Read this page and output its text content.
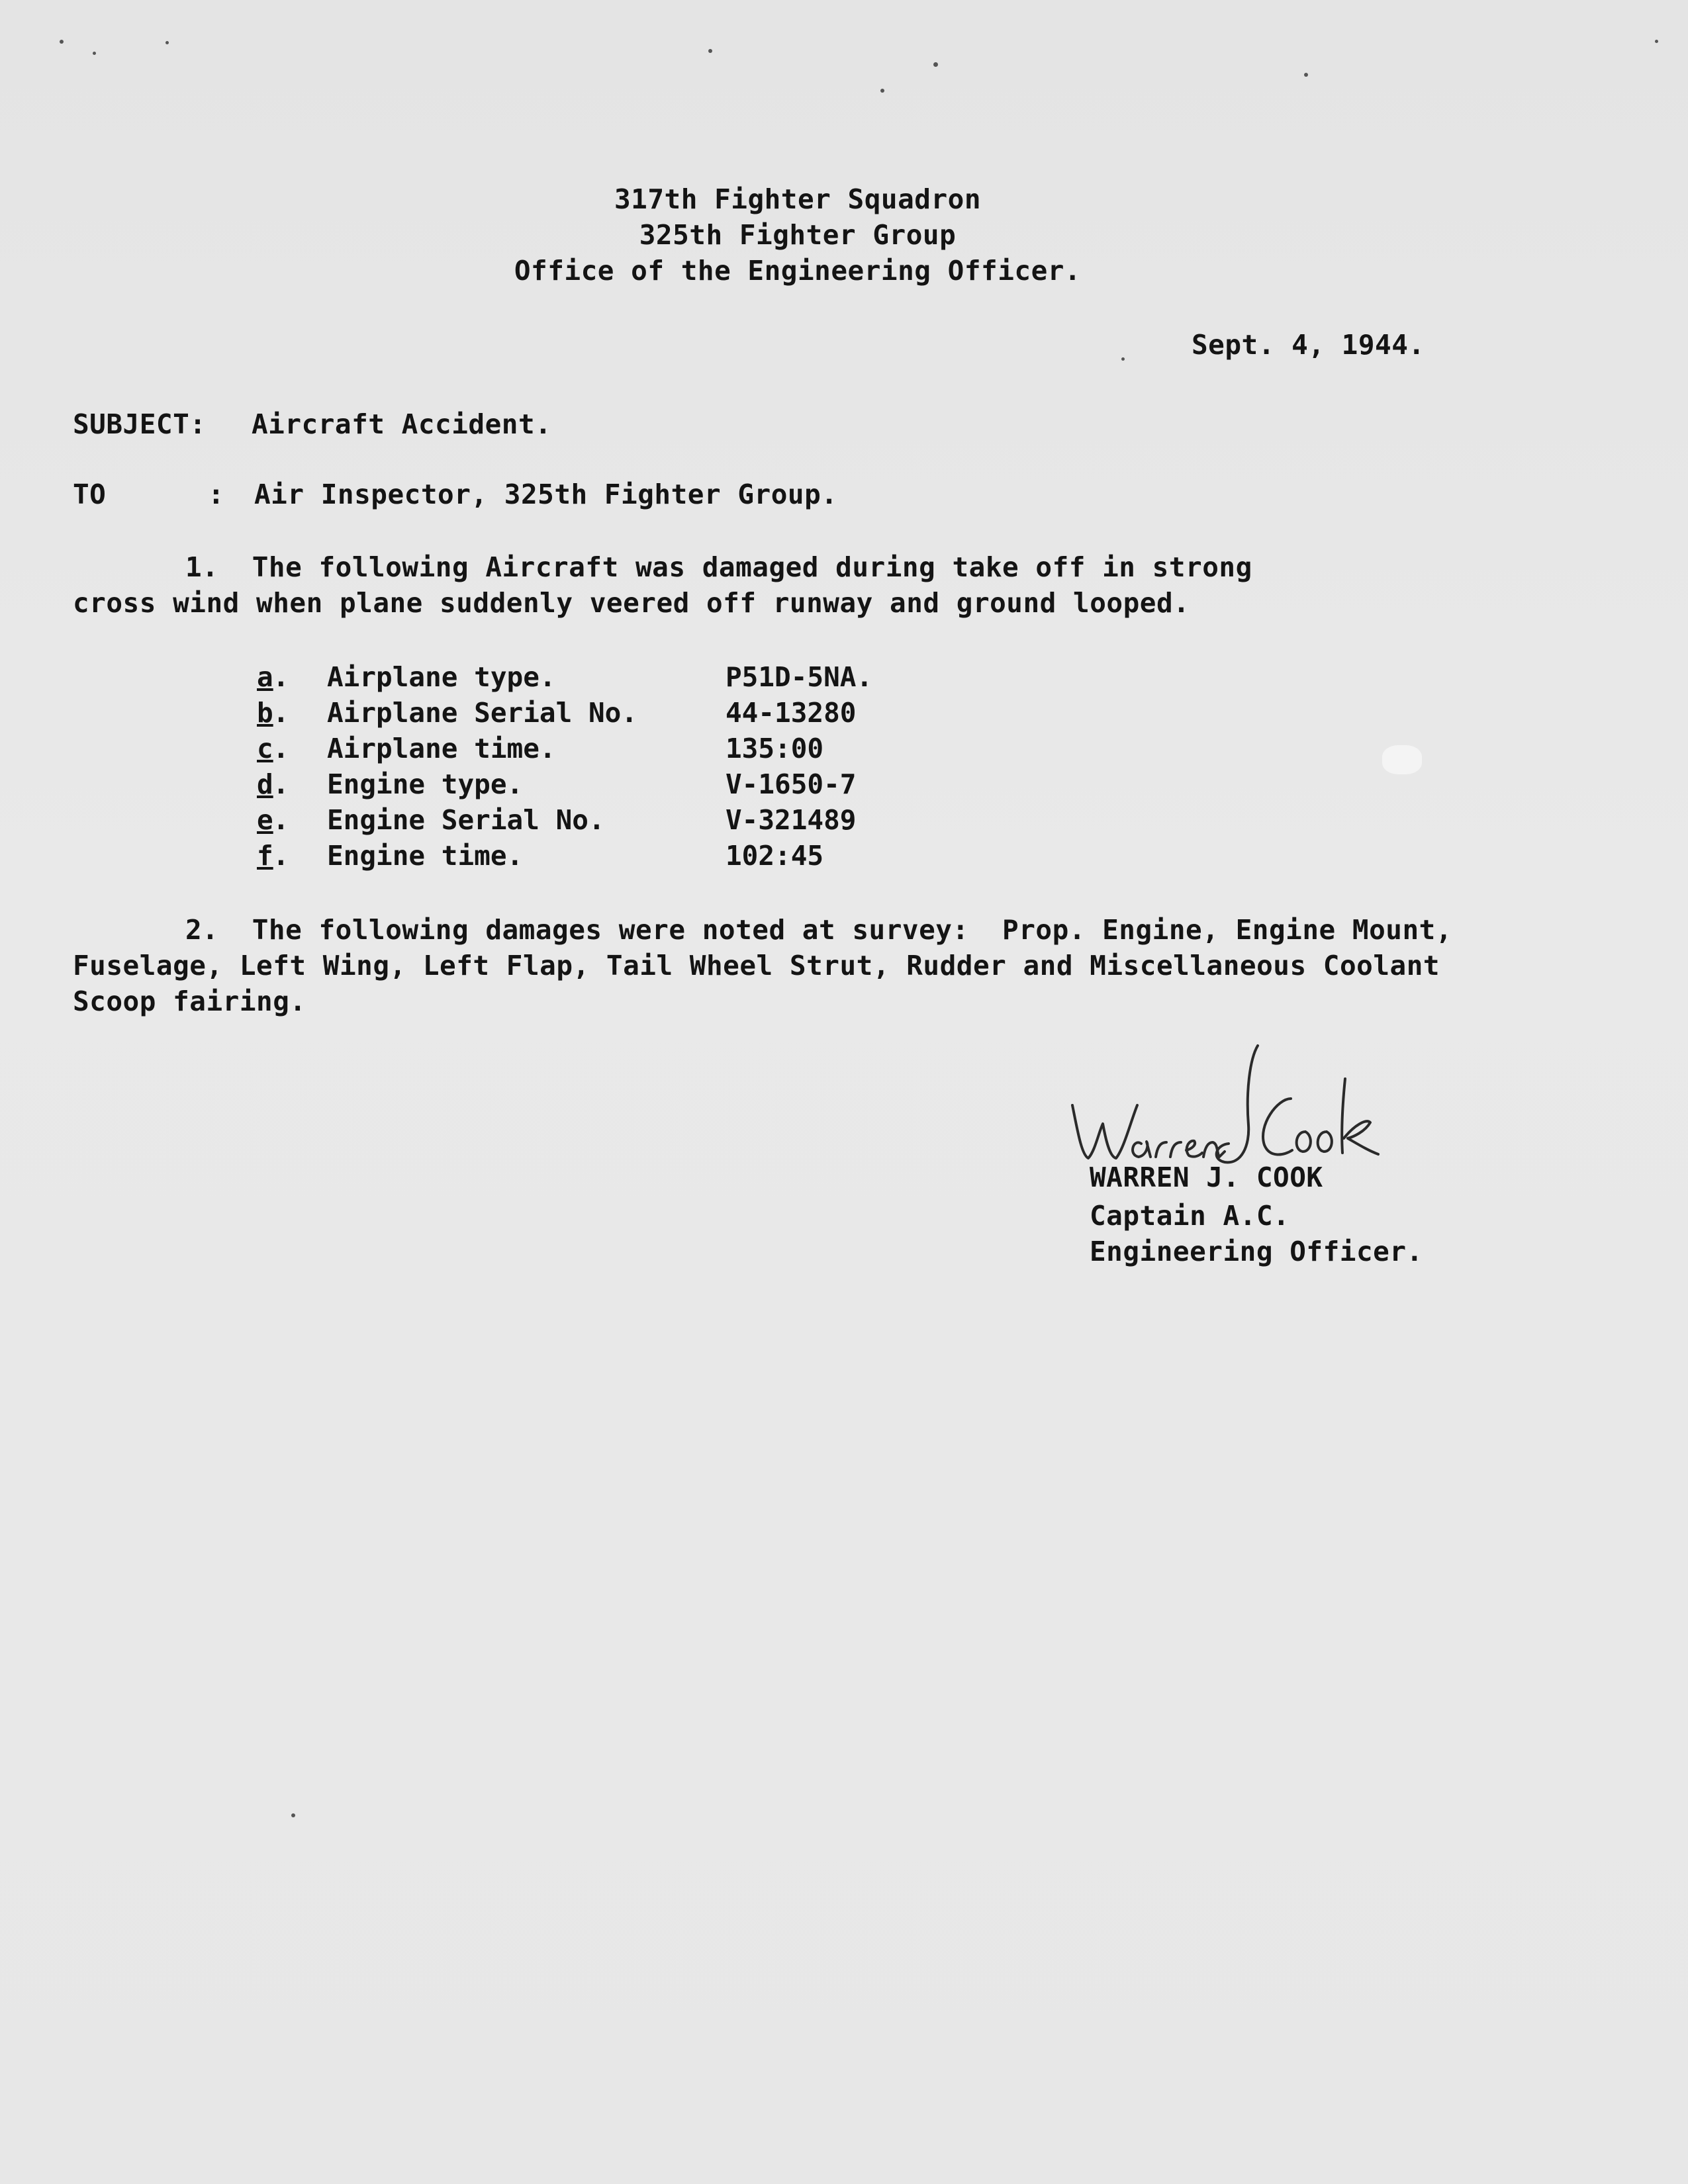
317th Fighter Squadron
325th Fighter Group
Office of the Engineering Officer.
Sept. 4, 1944.
SUBJECT: Aircraft Accident.
TO	: Air Inspector, 325th Fighter Group.
1.  The following Aircraft was damaged during take off in strong
cross wind when plane suddenly veered off runway and ground looped.
a . Airplane type.	P51D-5NA.
b . Airplane Serial No.	44-13280
c . Airplane time.	135:00
d . Engine type.	V-1650-7
e . Engine Serial No.	V-321489
f . Engine time.	102:45
2.  The following damages were noted at survey:  Prop. Engine, Engine Mount,
Fuselage, Left Wing, Left Flap, Tail Wheel Strut, Rudder and Miscellaneous Coolant
Scoop fairing.
WARREN J. COOK
Captain A.C.
Engineering Officer.
